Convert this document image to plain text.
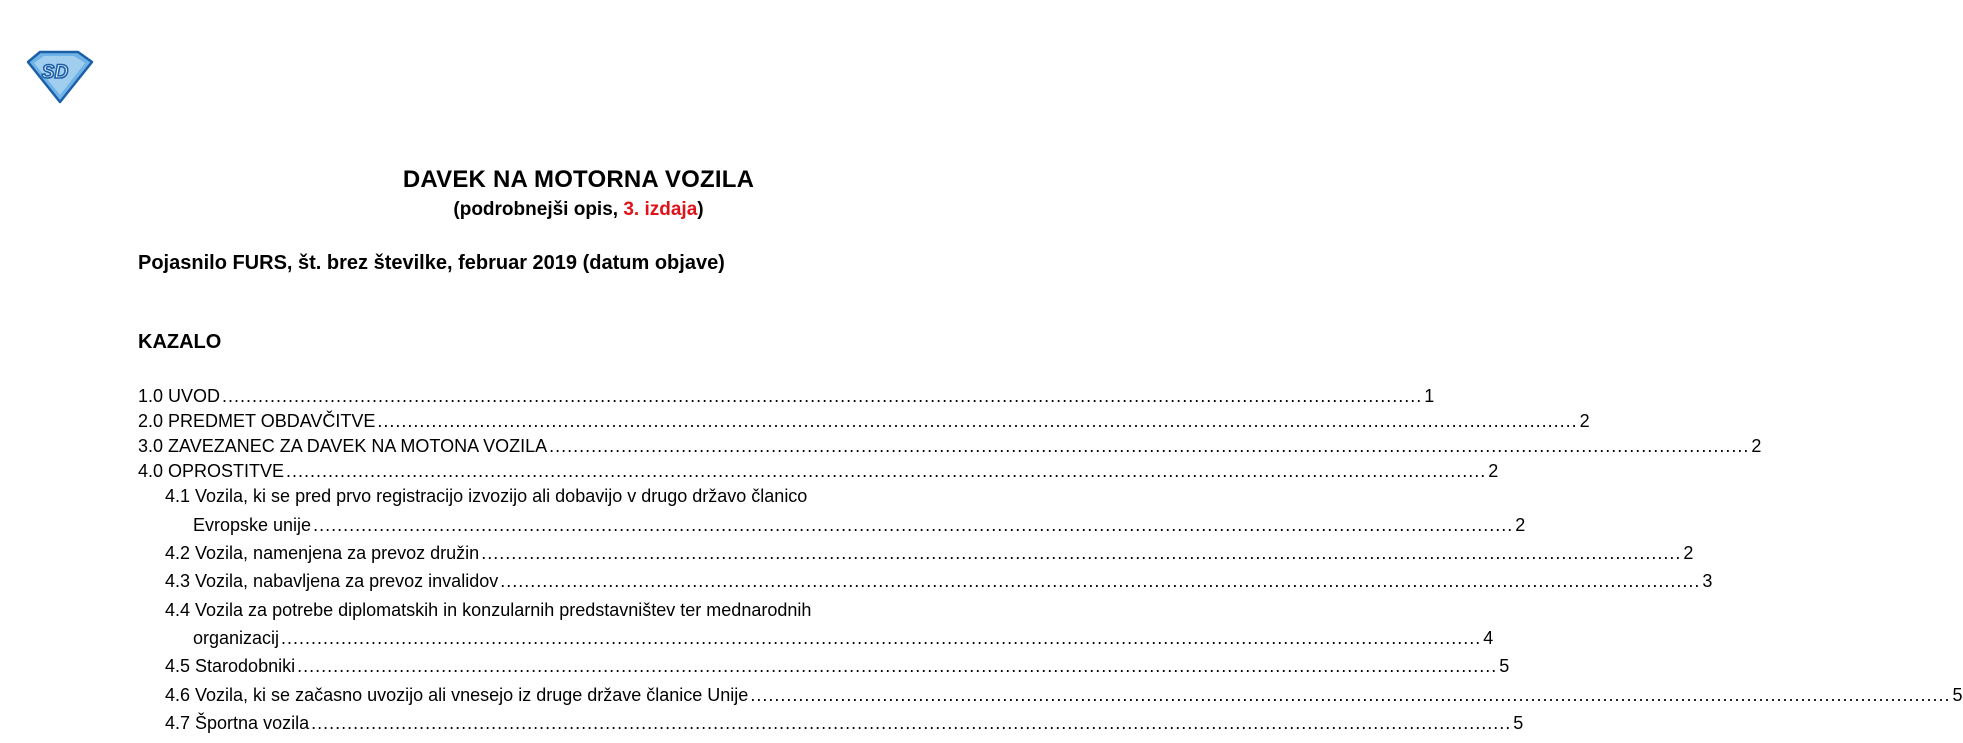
SD
DAVEK NA MOTORNA VOZILA
(podrobnejši opis, 3. izdaja)
Pojasnilo FURS, št. brez številke, februar 2019 (datum objave)
KAZALO
1.0 UVOD ........................................................................................................................................................................................................ 1
2.0 PREDMET OBDAVČITVE ........................................................................................................................................................................................................ 2
3.0 ZAVEZANEC ZA DAVEK NA MOTONA VOZILA ........................................................................................................................................................................................................ 2
4.0 OPROSTITVE ........................................................................................................................................................................................................ 2
4.1 Vozila, ki se pred prvo registracijo izvozijo ali dobavijo v drugo državo članico
Evropske unije ........................................................................................................................................................................................................ 2
4.2 Vozila, namenjena za prevoz družin ........................................................................................................................................................................................................ 2
4.3 Vozila, nabavljena za prevoz invalidov ........................................................................................................................................................................................................ 3
4.4 Vozila za potrebe diplomatskih in konzularnih predstavništev ter mednarodnih
organizacij ........................................................................................................................................................................................................ 4
4.5 Starodobniki ........................................................................................................................................................................................................ 5
4.6 Vozila, ki se začasno uvozijo ali vnesejo iz druge države članice Unije ........................................................................................................................................................................................................ 5
4.7 Športna vozila ........................................................................................................................................................................................................ 5
